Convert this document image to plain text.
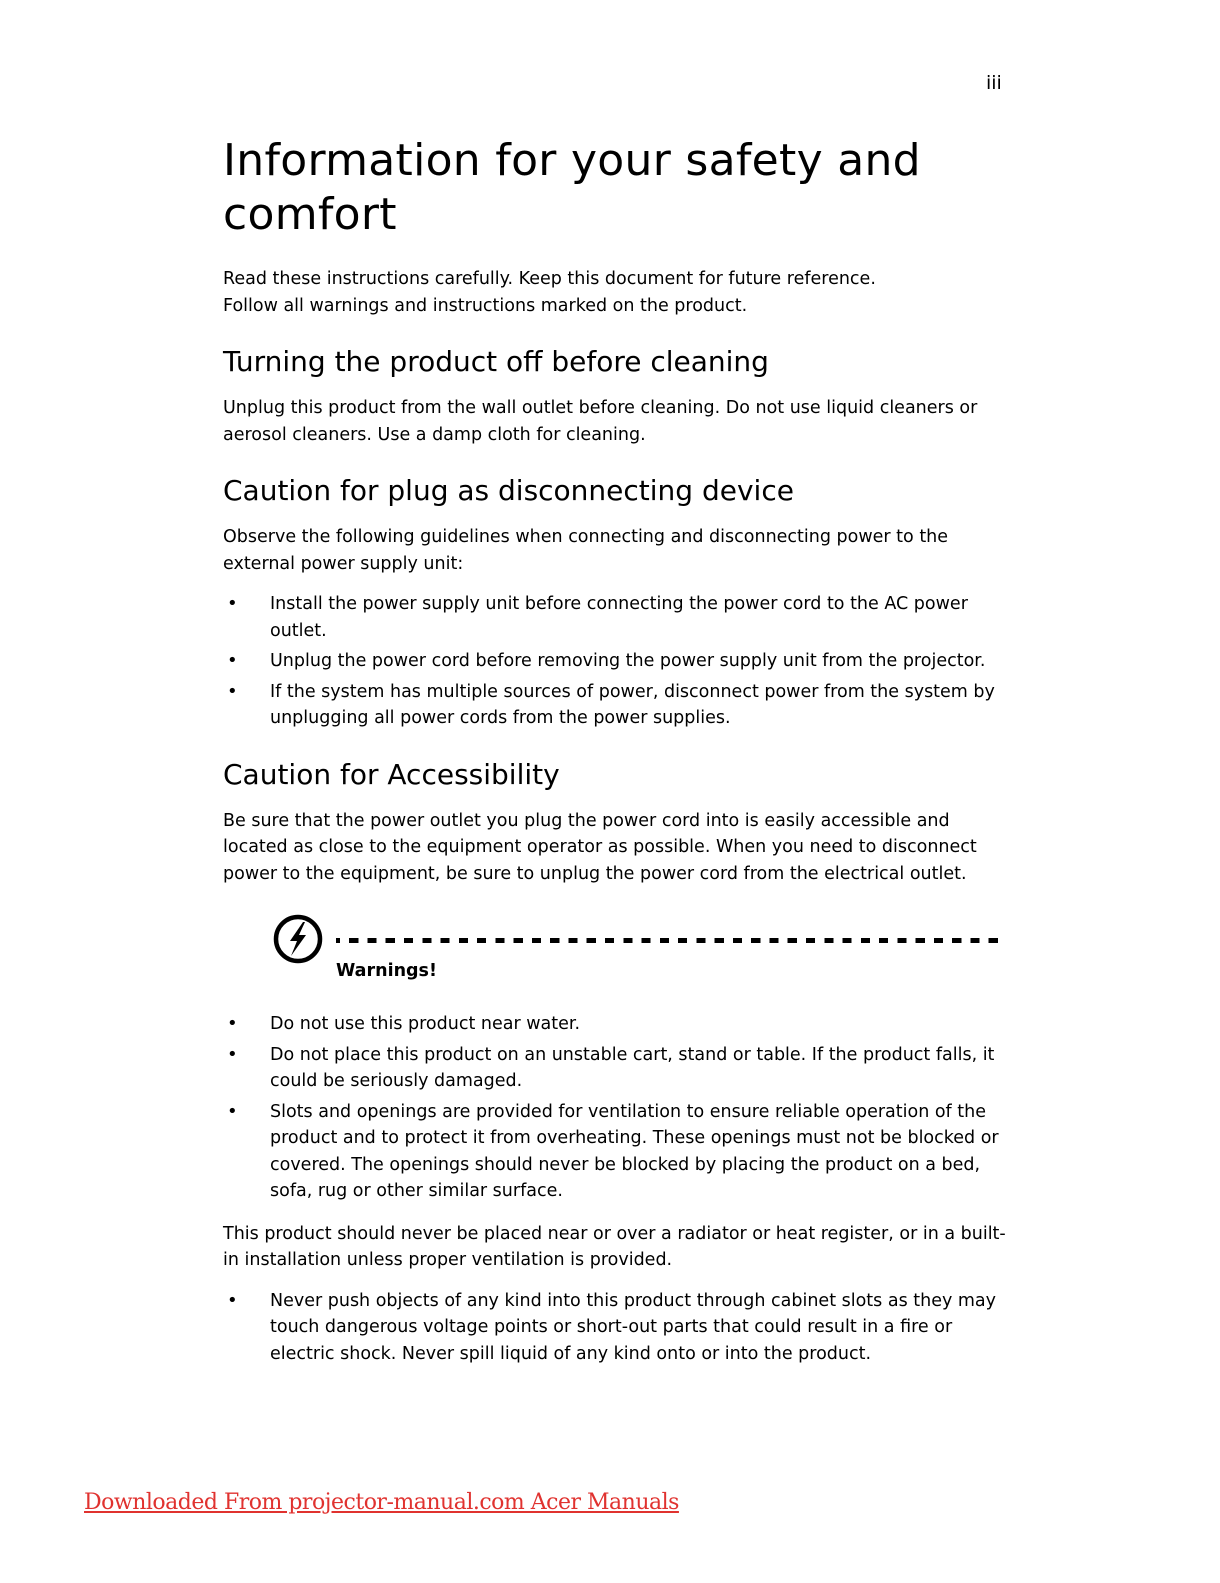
iii
Information for your safety and comfort

Read these instructions carefully. Keep this document for future reference.

Follow all warnings and instructions marked on the product.

Turning the product off before cleaning

Unplug this product from the wall outlet before cleaning. Do not use liquid cleaners or aerosol cleaners. Use a damp cloth for cleaning.

Caution for plug as disconnecting device

Observe the following guidelines when connecting and disconnecting power to the external power supply unit:

• Install the power supply unit before connecting the power cord to the AC power outlet.
• Unplug the power cord before removing the power supply unit from the projector.
• If the system has multiple sources of power, disconnect power from the system by unplugging all power cords from the power supplies.
Caution for Accessibility

Be sure that the power outlet you plug the power cord into is easily accessible and located as close to the equipment operator as possible. When you need to disconnect power to the equipment, be sure to unplug the power cord from the electrical outlet.

Warnings!
• Do not use this product near water.
• Do not place this product on an unstable cart, stand or table. If the product falls, it could be seriously damaged.
• Slots and openings are provided for ventilation to ensure reliable operation of the product and to protect it from overheating. These openings must not be blocked or covered. The openings should never be blocked by placing the product on a bed, sofa, rug or other similar surface.

This product should never be placed near or over a radiator or heat register, or in a built-in installation unless proper ventilation is provided.

• Never push objects of any kind into this product through cabinet slots as they may touch dangerous voltage points or short-out parts that could result in a fire or electric shock. Never spill liquid of any kind onto or into the product.
Downloaded From projector-manual.com Acer Manuals
